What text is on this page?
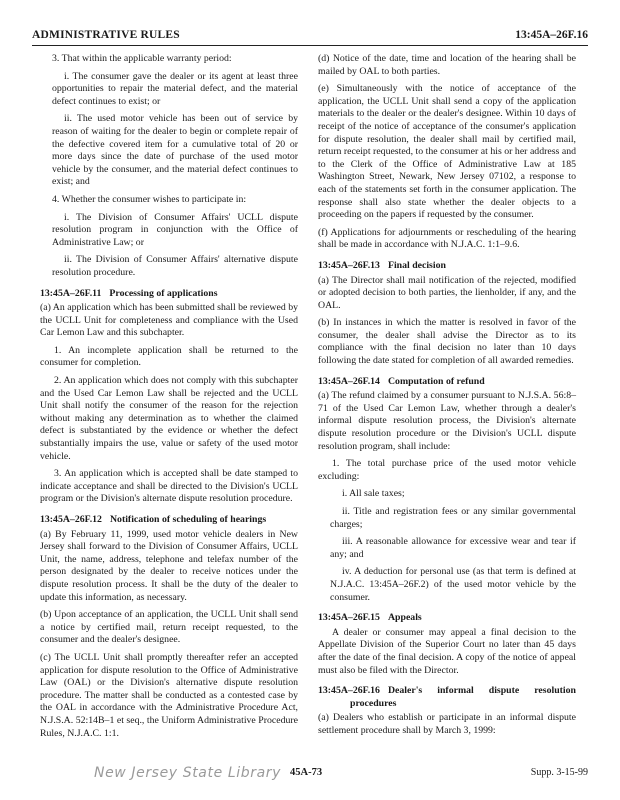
ADMINISTRATIVE RULES	13:45A–26F.16

3. That within the applicable warranty period:

i. The consumer gave the dealer or its agent at least three opportunities to repair the material defect, and the material defect continues to exist; or

ii. The used motor vehicle has been out of service by reason of waiting for the dealer to begin or complete repair of the defective covered item for a cumulative total of 20 or more days since the date of purchase of the used motor vehicle by the consumer, and the material defect continues to exist; and

4. Whether the consumer wishes to participate in:

i. The Division of Consumer Affairs' UCLL dispute resolution program in conjunction with the Office of Administrative Law; or

ii. The Division of Consumer Affairs' alternative dispute resolution procedure.

13:45A–26F.11 Processing of applications

(a) An application which has been submitted shall be reviewed by the UCLL Unit for completeness and compliance with the Used Car Lemon Law and this subchapter.

1. An incomplete application shall be returned to the consumer for completion.

2. An application which does not comply with this subchapter and the Used Car Lemon Law shall be rejected and the UCLL Unit shall notify the consumer of the reason for the rejection without making any determination as to whether the claimed defect is substantiated by the evidence or whether the defect substantially impairs the use, value or safety of the used motor vehicle.

3. An application which is accepted shall be date stamped to indicate acceptance and shall be directed to the Division's UCLL program or the Division's alternate dispute resolution procedure.

13:45A–26F.12 Notification of scheduling of hearings

(a) By February 11, 1999, used motor vehicle dealers in New Jersey shall forward to the Division of Consumer Affairs, UCLL Unit, the name, address, telephone and telefax number of the person designated by the dealer to receive notices under the dispute resolution process. It shall be the duty of the dealer to update this information, as necessary.

(b) Upon acceptance of an application, the UCLL Unit shall send a notice by certified mail, return receipt requested, to the consumer and the dealer's designee.

(c) The UCLL Unit shall promptly thereafter refer an accepted application for dispute resolution to the Office of Administrative Law (OAL) or the Division's alternative dispute resolution procedure. The matter shall be conducted as a contested case by the OAL in accordance with the Administrative Procedure Act, N.J.S.A. 52:14B–1 et seq., the Uniform Administrative Procedure Rules, N.J.A.C. 1:1.

(d) Notice of the date, time and location of the hearing shall be mailed by OAL to both parties.

(e) Simultaneously with the notice of acceptance of the application, the UCLL Unit shall send a copy of the application materials to the dealer or the dealer's designee. Within 10 days of receipt of the notice of acceptance of the consumer's application for dispute resolution, the dealer shall mail by certified mail, return receipt requested, to the consumer at his or her address and to the Clerk of the Office of Administrative Law at 185 Washington Street, Newark, New Jersey 07102, a response to each of the statements set forth in the consumer application. The response shall also state whether the dealer objects to a proceeding on the papers if requested by the consumer.

(f) Applications for adjournments or rescheduling of the hearing shall be made in accordance with N.J.A.C. 1:1–9.6.

13:45A–26F.13 Final decision

(a) The Director shall mail notification of the rejected, modified or adopted decision to both parties, the lienholder, if any, and the OAL.

(b) In instances in which the matter is resolved in favor of the consumer, the dealer shall advise the Director as to its compliance with the final decision no later than 10 days following the date stated for completion of all awarded remedies.

13:45A–26F.14 Computation of refund

(a) The refund claimed by a consumer pursuant to N.J.S.A. 56:8–71 of the Used Car Lemon Law, whether through a dealer's informal dispute resolution process, the Division's alternate dispute resolution procedure or the Division's UCLL dispute resolution program, shall include:

1. The total purchase price of the used motor vehicle excluding:

i. All sale taxes;

ii. Title and registration fees or any similar governmental charges;

iii. A reasonable allowance for excessive wear and tear if any; and

iv. A deduction for personal use (as that term is defined at N.J.A.C. 13:45A–26F.2) of the used motor vehicle by the consumer.

13:45A–26F.15 Appeals

A dealer or consumer may appeal a final decision to the Appellate Division of the Superior Court no later than 45 days after the date of the final decision. A copy of the notice of appeal must also be filed with the Director.

13:45A–26F.16 Dealer's informal dispute resolution procedures

(a) Dealers who establish or participate in an informal dispute settlement procedure shall by March 3, 1999:

New Jersey State Library 45A-73	Supp. 3-15-99
